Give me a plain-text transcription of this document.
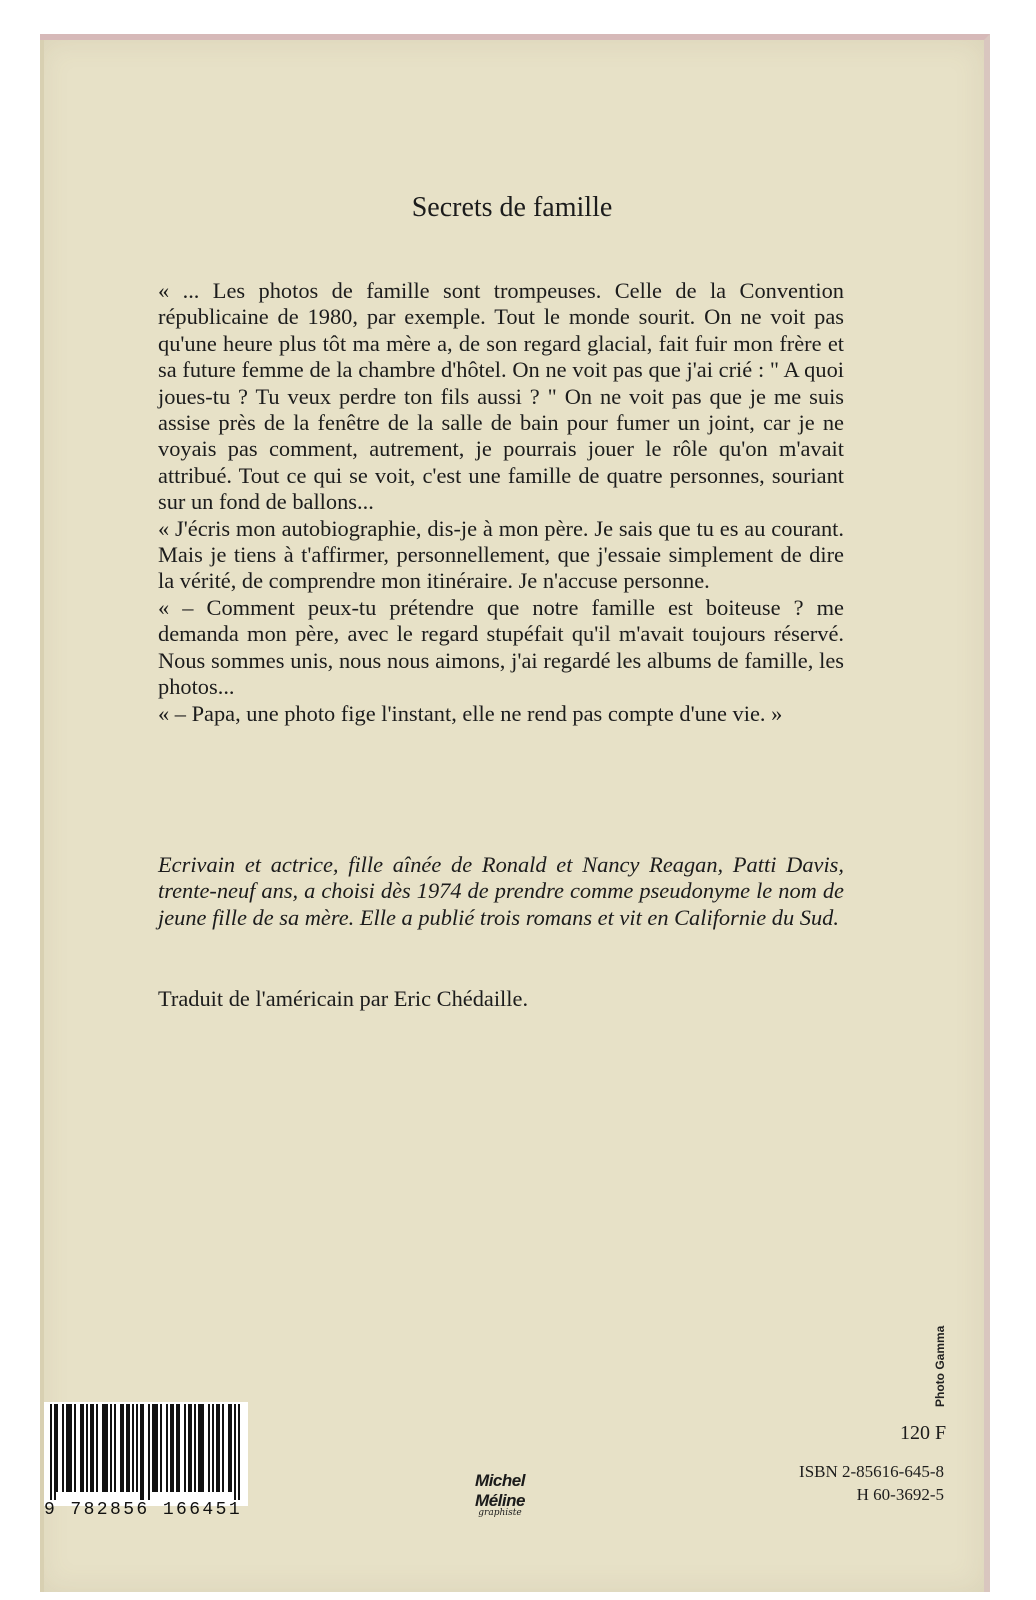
Secrets de famille

« ... Les photos de famille sont trompeuses. Celle de la Convention républicaine de 1980, par exemple. Tout le monde sourit. On ne voit pas qu'une heure plus tôt ma mère a, de son regard glacial, fait fuir mon frère et sa future femme de la chambre d'hôtel. On ne voit pas que j'ai crié : " A quoi joues-tu ? Tu veux perdre ton fils aussi ? " On ne voit pas que je me suis assise près de la fenêtre de la salle de bain pour fumer un joint, car je ne voyais pas comment, autrement, je pourrais jouer le rôle qu'on m'avait attribué. Tout ce qui se voit, c'est une famille de quatre personnes, souriant sur un fond de ballons...

« J'écris mon autobiographie, dis-je à mon père. Je sais que tu es au courant. Mais je tiens à t'affirmer, personnellement, que j'essaie simplement de dire la vérité, de comprendre mon itinéraire. Je n'accuse personne.

« – Comment peux-tu prétendre que notre famille est boiteuse ? me demanda mon père, avec le regard stupéfait qu'il m'avait toujours réservé. Nous sommes unis, nous nous aimons, j'ai regardé les albums de famille, les photos...

« – Papa, une photo fige l'instant, elle ne rend pas compte d'une vie. »

Ecrivain et actrice, fille aînée de Ronald et Nancy Reagan, Patti Davis, trente-neuf ans, a choisi dès 1974 de prendre comme pseudonyme le nom de jeune fille de sa mère. Elle a publié trois romans et vit en Californie du Sud.
Traduit de l'américain par Eric Chédaille.
Photo Gamma
120 F
ISBN 2-85616-645-8
H 60-3692-5
Michel Méline
graphiste
9 782856 166451
